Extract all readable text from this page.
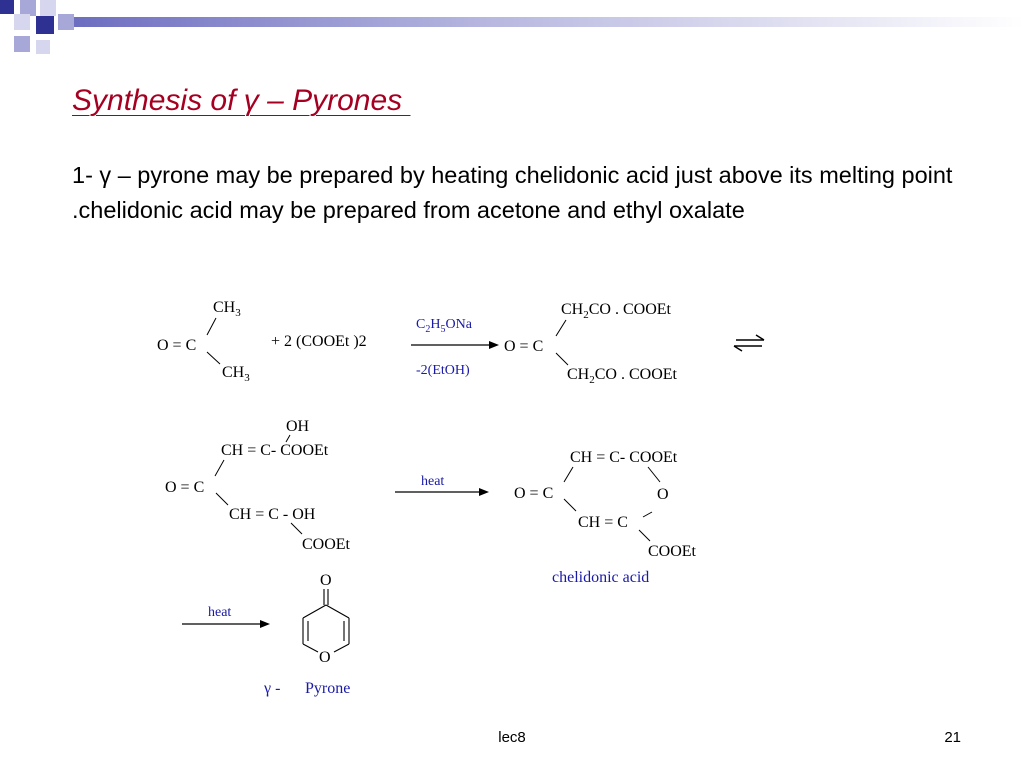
Synthesis of γ – Pyrones

1- γ – pyrone may be prepared by heating chelidonic acid just above its melting point .chelidonic acid may be prepared from acetone and ethyl oxalate

$CH_3$
O = C
$CH_3$
+ 2 (COOEt )2
$C_2H_5ONa$
-2(EtOH)
$CH_2CO$ . COOEt
O = C
$CH_2CO$ . COOEt
OH
CH = C- COOEt
O = C
CH = C - OH
COOEt
heat
CH = C- COOEt
O = C	O
CH = C
COOEt
chelidonic acid
heat
O
O
γ - Pyrone
lec8	21
